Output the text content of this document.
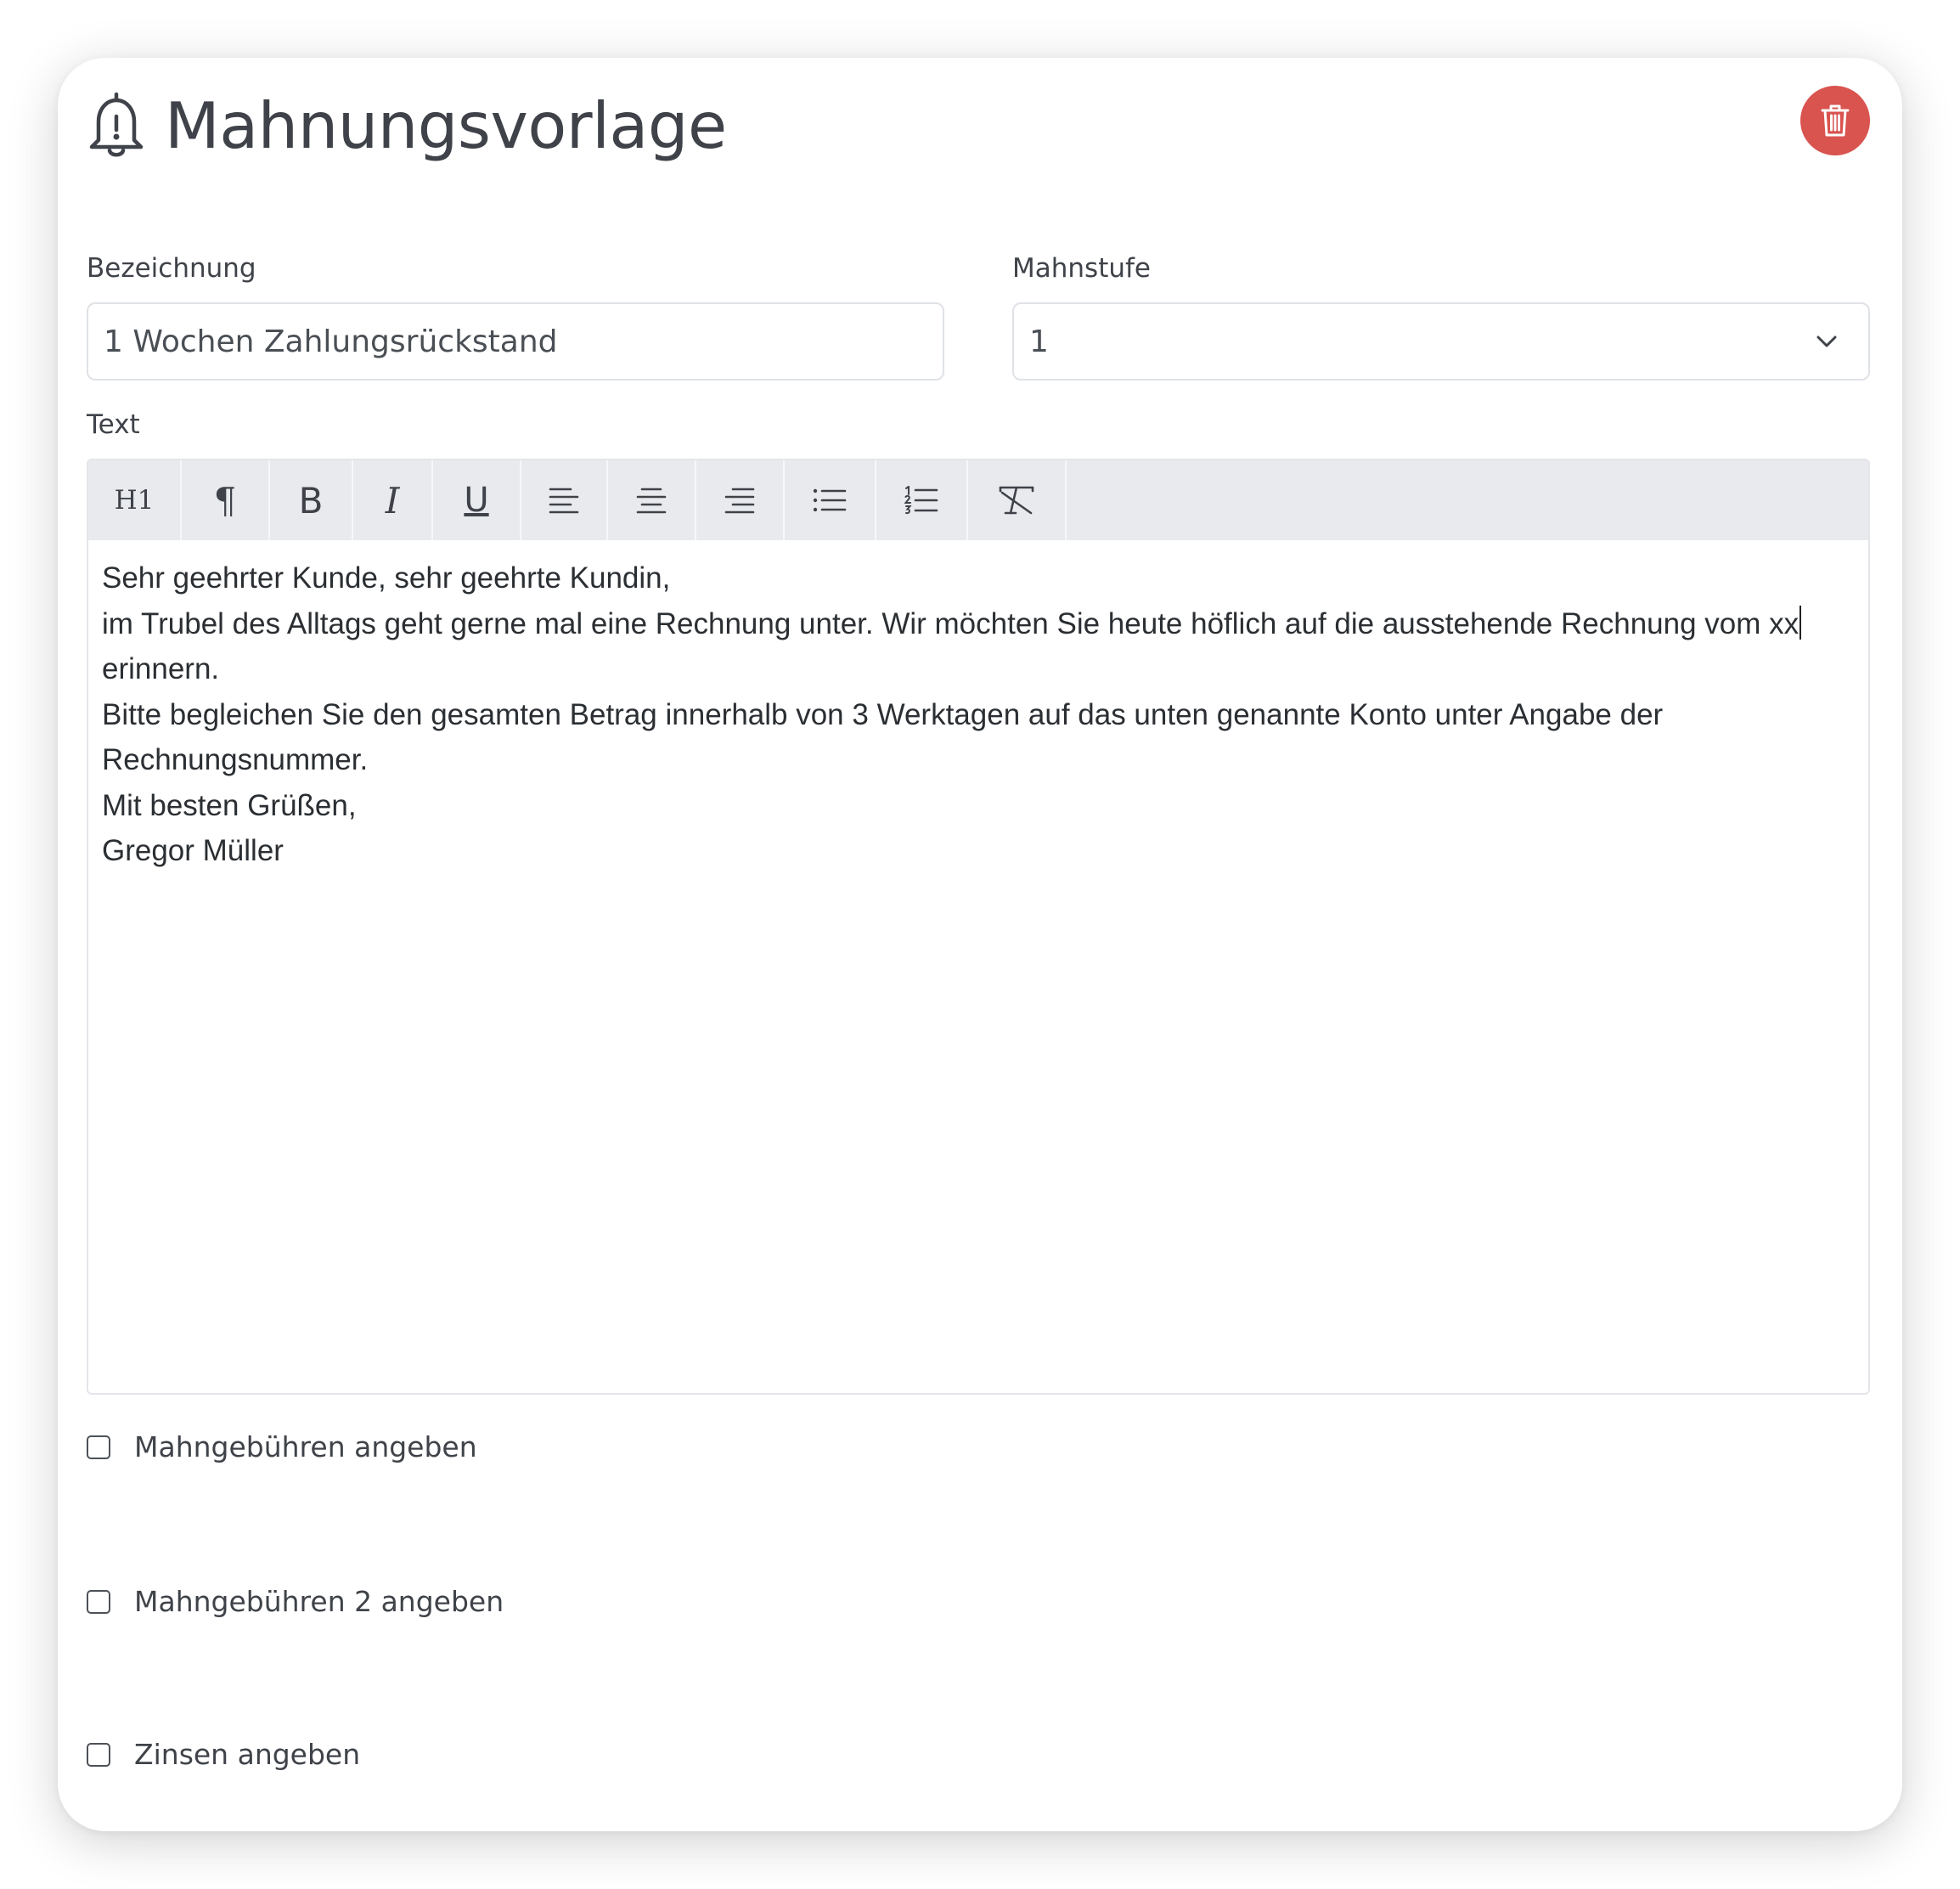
Mahnungsvorlage
Bezeichnung
1 Wochen Zahlungsrückstand	Mahnstufe
1
Text
H1 ¶ B I U

Sehr geehrter Kunde, sehr geehrte Kundin,

im Trubel des Alltags geht gerne mal eine Rechnung unter. Wir möchten Sie heute höflich auf die ausstehende Rechnung vom xx erinnern.

Bitte begleichen Sie den gesamten Betrag innerhalb von 3 Werktagen auf das unten genannte Konto unter Angabe der Rechnungsnummer.

Mit besten Grüßen,

Gregor Müller

Mahngebühren angeben
Mahngebühren 2 angeben
Zinsen angeben
